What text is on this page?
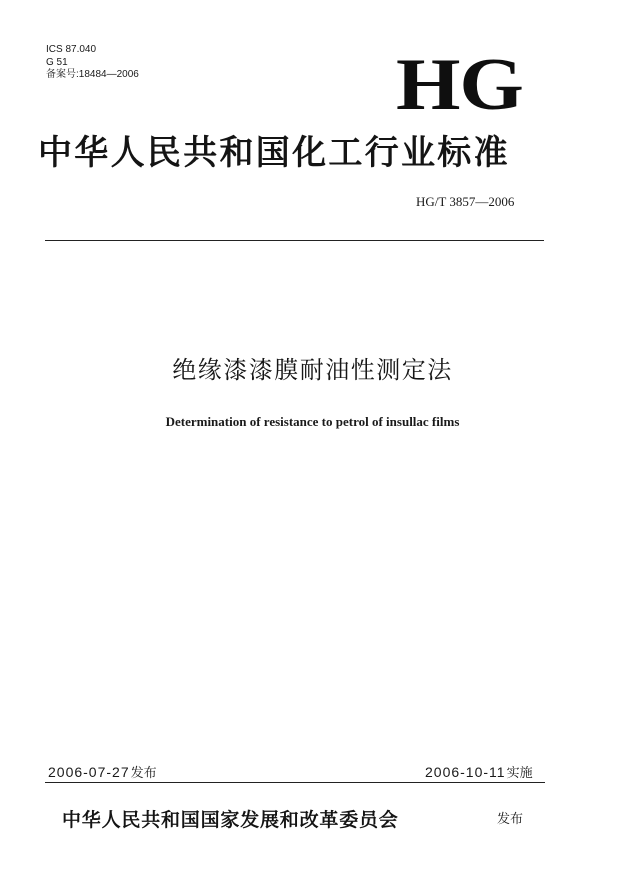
ICS 87.040
G 51
备案号:18484—2006	HG
中华人民共和国化工行业标准
HG/T 3857—2006
绝缘漆漆膜耐油性测定法
Determination of resistance to petrol of insullac films
2006-07-27发布	2006-10-11实施
中华人民共和国国家发展和改革委员会	发布
